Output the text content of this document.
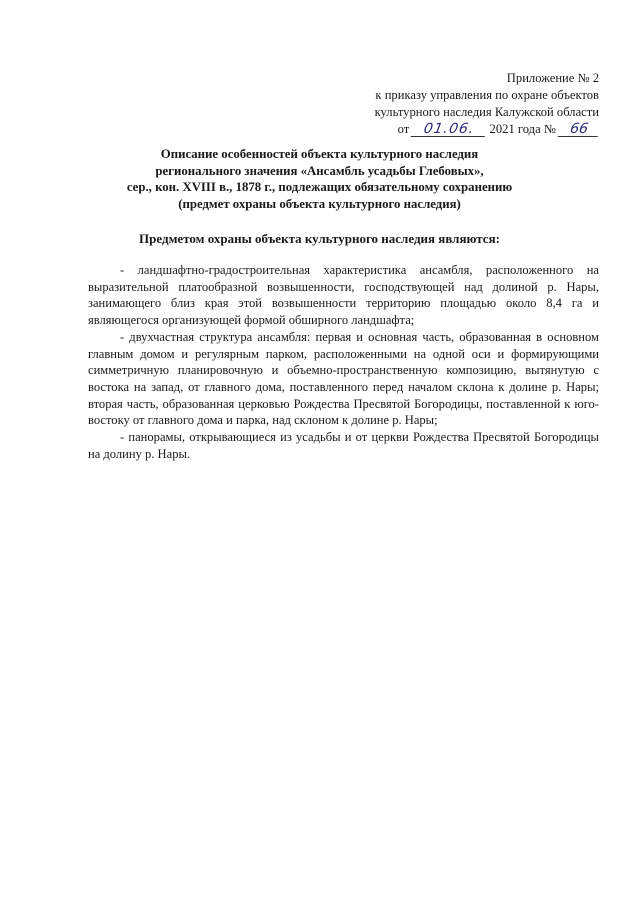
Приложение № 2
к приказу управления по охране объектов
культурного наследия Калужской области
от 01.06. 2021 года № 66
Описание особенностей объекта культурного наследия
регионального значения «Ансамбль усадьбы Глебовых»,
сер., кон. XVIII в., 1878 г., подлежащих обязательному сохранению
(предмет охраны объекта культурного наследия)
Предметом охраны объекта культурного наследия являются:

- ландшафтно-градостроительная характеристика ансамбля, расположенного на выразительной платообразной возвышенности, господствующей над долиной р. Нары, занимающего близ края этой возвышенности территорию площадью около 8,4 га и являющегося организующей формой обширного ландшафта;

- двухчастная структура ансамбля: первая и основная часть, образованная в основном главным домом и регулярным парком, расположенными на одной оси и формирующими симметричную планировочную и объемно-пространственную композицию, вытянутую с востока на запад, от главного дома, поставленного перед началом склона к долине р. Нары; вторая часть, образованная церковью Рождества Пресвятой Богородицы, поставленной к юго-востоку от главного дома и парка, над склоном к долине р. Нары;

- панорамы, открывающиеся из усадьбы и от церкви Рождества Пресвятой Богородицы на долину р. Нары.
